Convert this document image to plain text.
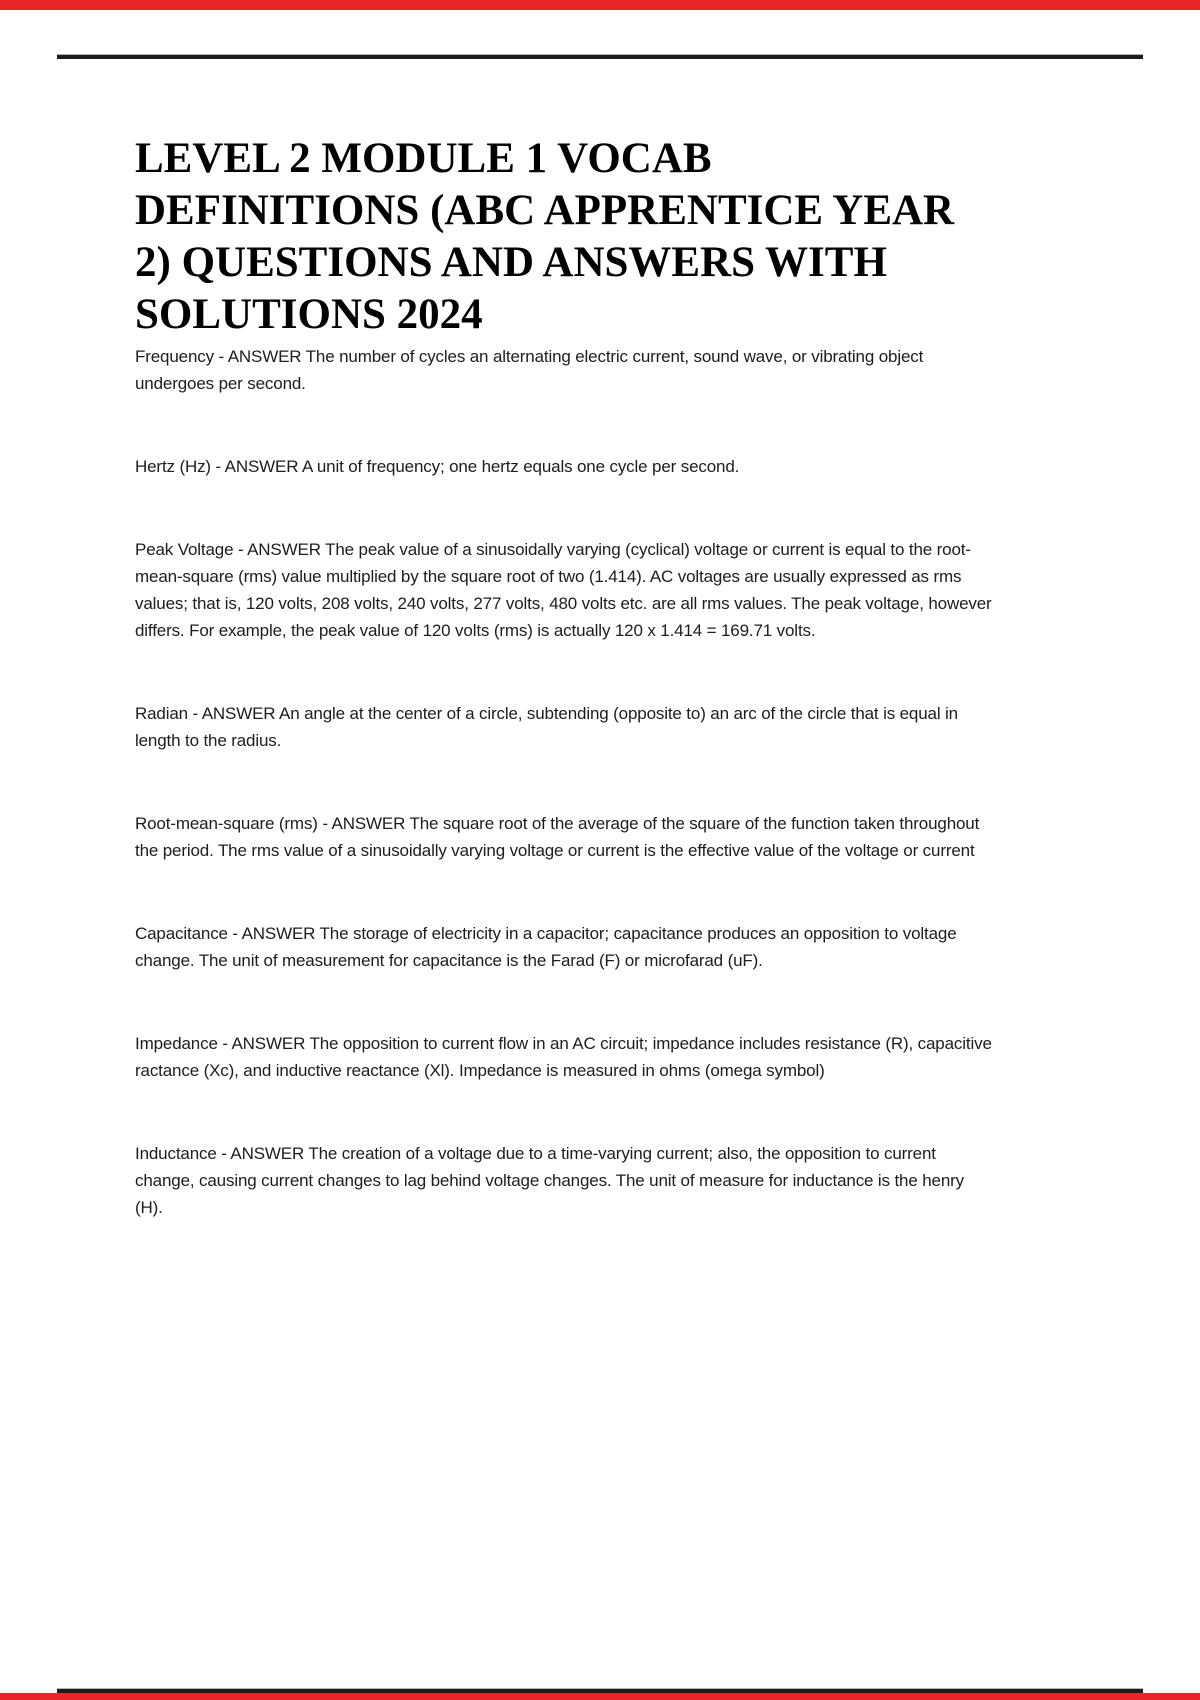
LEVEL 2 MODULE 1 VOCAB
DEFINITIONS (ABC APPRENTICE YEAR
2) QUESTIONS AND ANSWERS WITH
SOLUTIONS 2024

Frequency - ANSWER The number of cycles an alternating electric current, sound wave, or vibrating object undergoes per second.

Hertz (Hz) - ANSWER A unit of frequency; one hertz equals one cycle per second.

Peak Voltage - ANSWER The peak value of a sinusoidally varying (cyclical) voltage or current is equal to the root-mean-square (rms) value multiplied by the square root of two (1.414). AC voltages are usually expressed as rms values; that is, 120 volts, 208 volts, 240 volts, 277 volts, 480 volts etc. are all rms values. The peak voltage, however differs. For example, the peak value of 120 volts (rms) is actually 120 x 1.414 = 169.71 volts.

Radian - ANSWER An angle at the center of a circle, subtending (opposite to) an arc of the circle that is equal in length to the radius.

Root-mean-square (rms) - ANSWER The square root of the average of the square of the function taken throughout the period. The rms value of a sinusoidally varying voltage or current is the effective value of the voltage or current

Capacitance - ANSWER The storage of electricity in a capacitor; capacitance produces an opposition to voltage change. The unit of measurement for capacitance is the Farad (F) or microfarad (uF).

Impedance - ANSWER The opposition to current flow in an AC circuit; impedance includes resistance (R), capacitive ractance (Xc), and inductive reactance (Xl). Impedance is measured in ohms (omega symbol)

Inductance - ANSWER The creation of a voltage due to a time-varying current; also, the opposition to current change, causing current changes to lag behind voltage changes. The unit of measure for inductance is the henry (H).
